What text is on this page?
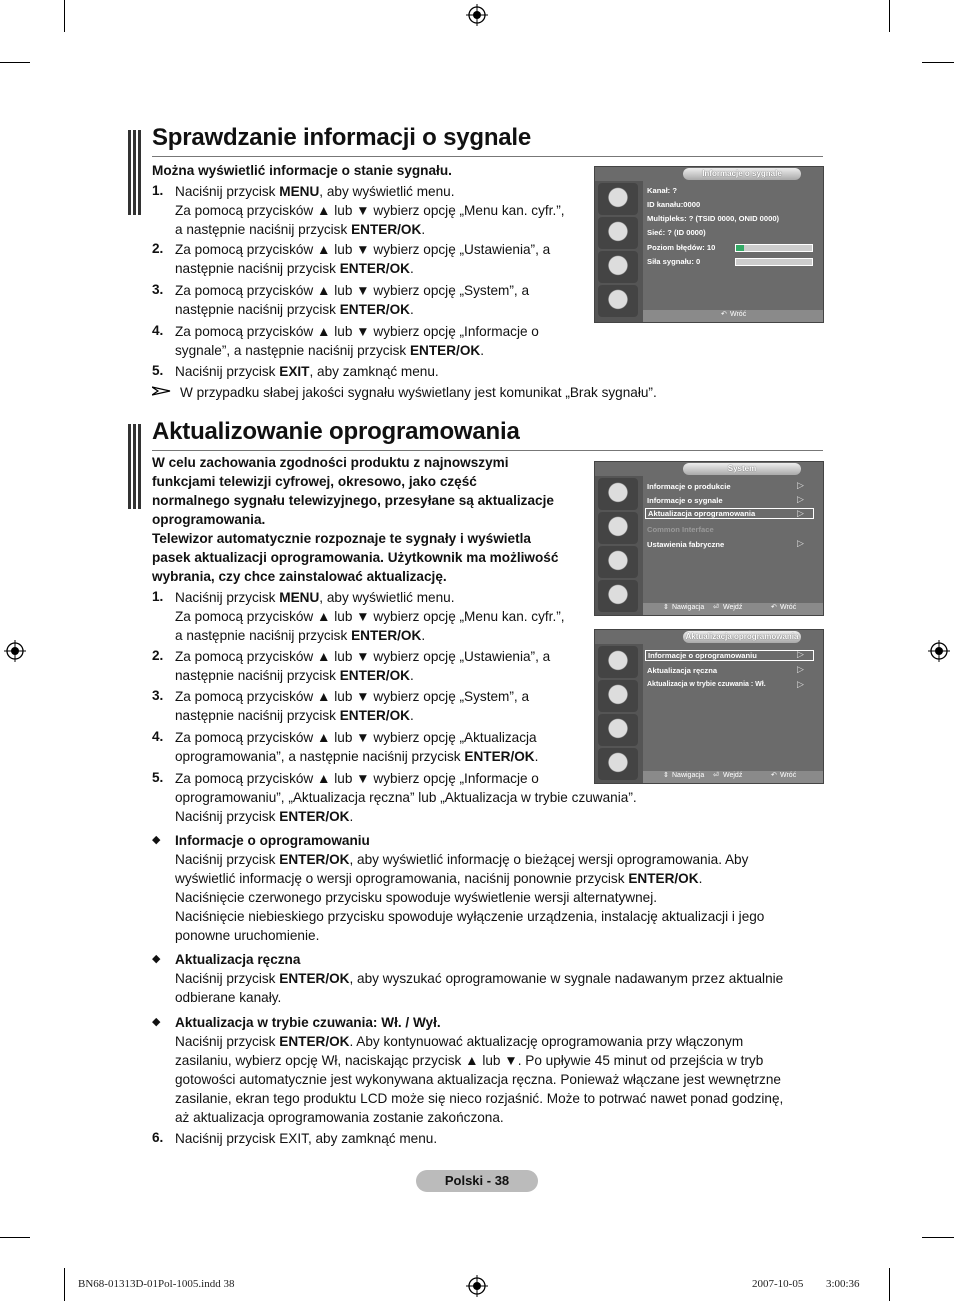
Sprawdzanie informacji o sygnale
Można wyświetlić informacje o stanie sygnału.
1. Naciśnij przycisk MENU, aby wyświetlić menu.
Za pomocą przycisków ▲ lub ▼ wybierz opcję „Menu kan. cyfr.”,
a następnie naciśnij przycisk ENTER/OK.
2. Za pomocą przycisków ▲ lub ▼ wybierz opcję „Ustawienia”, a
następnie naciśnij przycisk ENTER/OK.
3. Za pomocą przycisków ▲ lub ▼ wybierz opcję „System”, a
następnie naciśnij przycisk ENTER/OK.
4. Za pomocą przycisków ▲ lub ▼ wybierz opcję „Informacje o
sygnale”, a następnie naciśnij przycisk ENTER/OK.
5. Naciśnij przycisk EXIT, aby zamknąć menu.
W przypadku słabej jakości sygnału wyświetlany jest komunikat „Brak sygnału”.
Informacje o sygnale
Kanał: ?
ID kanału:0000
Multipleks: ? (TSID 0000, ONID 0000)
Sieć: ? (ID 0000)
Poziom błędów: 10
Siła sygnału: 0
↶ Wróć
Aktualizowanie oprogramowania
W celu zachowania zgodności produktu z najnowszymi
funkcjami telewizji cyfrowej, okresowo, jako część
normalnego sygnału telewizyjnego, przesyłane są aktualizacje
oprogramowania.
Telewizor automatycznie rozpoznaje te sygnały i wyświetla
pasek aktualizacji oprogramowania. Użytkownik ma możliwość
wybrania, czy chce zainstalować aktualizację.
1. Naciśnij przycisk MENU, aby wyświetlić menu.
Za pomocą przycisków ▲ lub ▼ wybierz opcję „Menu kan. cyfr.”,
a następnie naciśnij przycisk ENTER/OK.
2. Za pomocą przycisków ▲ lub ▼ wybierz opcję „Ustawienia”, a
następnie naciśnij przycisk ENTER/OK.
3. Za pomocą przycisków ▲ lub ▼ wybierz opcję „System”, a
następnie naciśnij przycisk ENTER/OK.
4. Za pomocą przycisków ▲ lub ▼ wybierz opcję „Aktualizacja
oprogramowania”, a następnie naciśnij przycisk ENTER/OK.
5. Za pomocą przycisków ▲ lub ▼ wybierz opcję „Informacje o
oprogramowaniu”, „Aktualizacja ręczna” lub „Aktualizacja w trybie czuwania”.
Naciśnij przycisk ENTER/OK.
◆ Informacje o oprogramowaniu
Naciśnij przycisk ENTER/OK, aby wyświetlić informację o bieżącej wersji oprogramowania. Aby
wyświetlić informację o wersji oprogramowania, naciśnij ponownie przycisk ENTER/OK.
Naciśnięcie czerwonego przycisku spowoduje wyświetlenie wersji alternatywnej.
Naciśnięcie niebieskiego przycisku spowoduje wyłączenie urządzenia, instalację aktualizacji i jego
ponowne uruchomienie.
◆ Aktualizacja ręczna
Naciśnij przycisk ENTER/OK, aby wyszukać oprogramowanie w sygnale nadawanym przez aktualnie
odbierane kanały.
◆ Aktualizacja w trybie czuwania: Wł. / Wył.
Naciśnij przycisk ENTER/OK. Aby kontynuować aktualizację oprogramowania przy włączonym
zasilaniu, wybierz opcję Wł, naciskając przycisk ▲ lub ▼. Po upływie 45 minut od przejścia w tryb
gotowości automatycznie jest wykonywana aktualizacja ręczna. Ponieważ włączane jest wewnętrzne
zasilanie, ekran tego produktu LCD może się nieco rozjaśnić. Może to potrwać nawet ponad godzinę,
aż aktualizacja oprogramowania zostanie zakończona.
6. Naciśnij przycisk EXIT, aby zamknąć menu.
System
Informacje o produkcie	▷
Informacje o sygnale	▷
Aktualizacja oprogramowania	▷
Common Interface
Ustawienia fabryczne	▷
⇕ Nawigacja ⏎ Wejdź	↶ Wróć
Aktualizacja oprogramowania
Informacje o oprogramowaniu	▷
Aktualizacja ręczna	▷
Aktualizacja w trybie czuwania : Wł.	▷
⇕ Nawigacja ⏎ Wejdź	↶ Wróć
Polski - 38
BN68-01313D-01Pol-1005.indd 38	2007-10-05 ￿￿ 3:00:36
